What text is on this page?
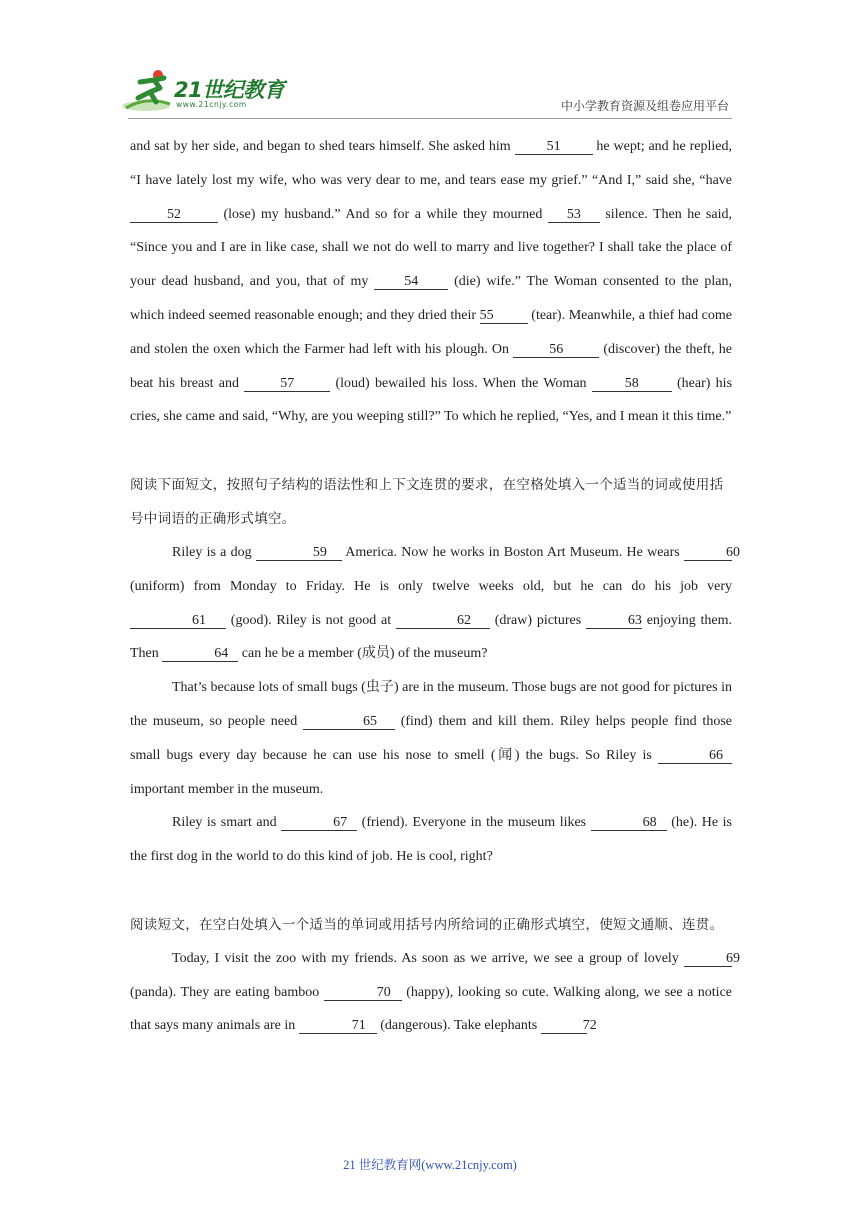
21世纪教育
www.21cnjy.com	中小学教育资源及组卷应用平台

and sat by her side, and began to shed tears himself. She asked him 51 he wept; and he replied, “I have lately lost my wife, who was very dear to me, and tears ease my grief.” “And I,” said she, “have 52	(lose) my husband.” And so for a while they mourned 53 silence. Then he said, “Since you and I are in like case, shall we not do well to marry and live together? I shall take the place of your dead husband, and you, that of my 54 (die) wife.” The Woman consented to the plan, which indeed seemed reasonable enough; and they dried their 55 (tear). Meanwhile, a thief had come and stolen the oxen which the Farmer had left with his plough. On	56	(discover) the theft, he beat his breast and	57	(loud) bewailed his loss. When the Woman 58 (hear) his cries, she came and said, “Why, are you weeping still?” To which he replied, “Yes, and I mean it this time.”

阅读下面短文，按照句子结构的语法性和上下文连贯的要求，在空格处填入一个适当的词或使用括号中词语的正确形式填空。

Riley is a dog	59 America. Now he works in Boston Art Museum. He wears	60 (uniform) from Monday to Friday. He is only twelve weeks old, but he can do his job very 61 (good). Riley is not good at	62 (draw) pictures	63 enjoying them. Then	64 can he be a member (成员) of the museum?

That’s because lots of small bugs (虫子) are in the museum. Those bugs are not good for pictures in the museum, so people need	65 (find) them and kill them. Riley helps people find those small bugs every day because he can use his nose to smell (闻) the bugs. So Riley is	66 important member in the museum.

Riley is smart and	67 (friend). Everyone in the museum likes	68 (he). He is the first dog in the world to do this kind of job. He is cool, right?

阅读短文，在空白处填入一个适当的单词或用括号内所给词的正确形式填空，使短文通顺、连贯。

Today, I visit the zoo with my friends. As soon as we arrive, we see a group of lovely	69 (panda). They are eating bamboo	70 (happy), looking so cute. Walking along, we see a notice that says many animals are in	71 (dangerous). Take elephants	72

21 世纪教育网(www.21cnjy.com)
